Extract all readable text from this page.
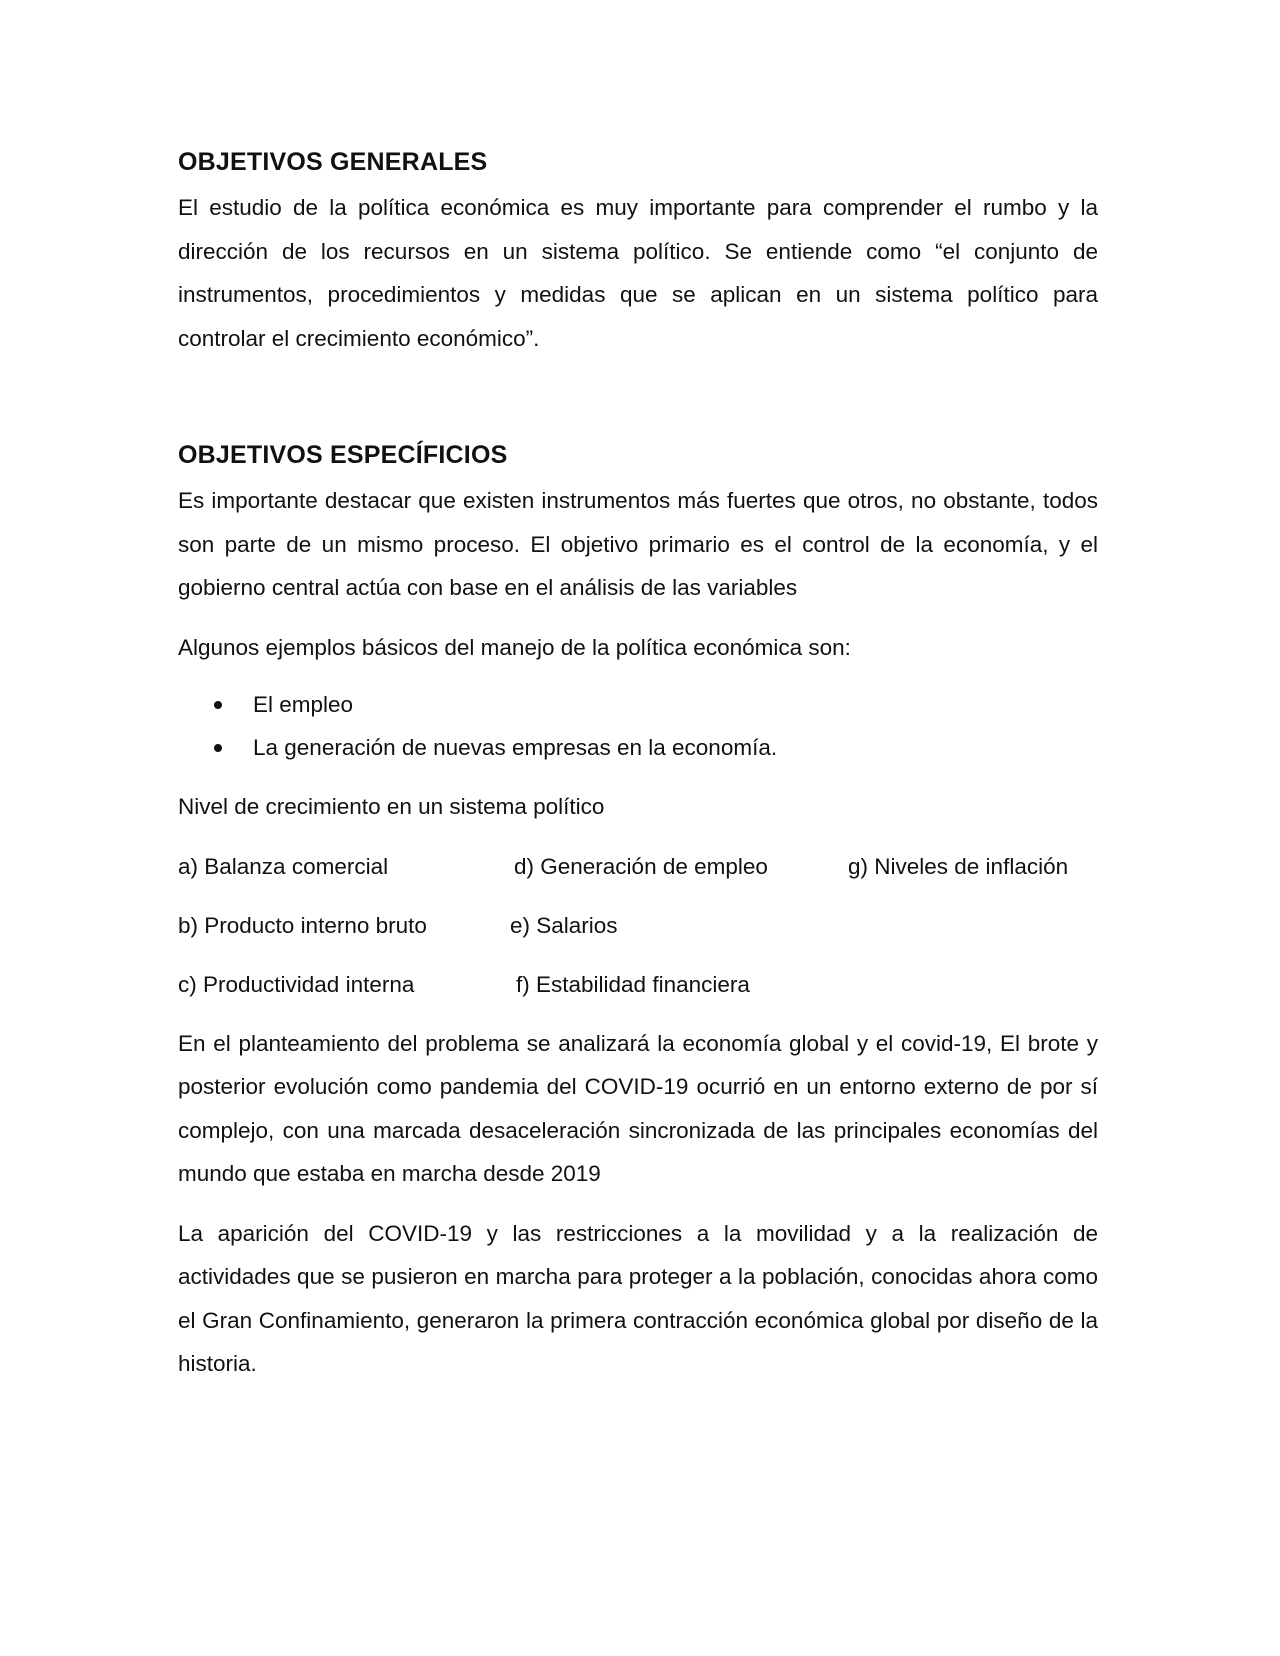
OBJETIVOS GENERALES

El estudio de la política económica es muy importante para comprender el rumbo y la dirección de los recursos en un sistema político. Se entiende como “el conjunto de instrumentos, procedimientos y medidas que se aplican en un sistema político para controlar el crecimiento económico”.

OBJETIVOS ESPECÍFICIOS

Es importante destacar que existen instrumentos más fuertes que otros, no obstante, todos son parte de un mismo proceso. El objetivo primario es el control de la economía, y el gobierno central actúa con base en el análisis de las variables

Algunos ejemplos básicos del manejo de la política económica son:

El empleo
La generación de nuevas empresas en la economía.

Nivel de crecimiento en un sistema político

a) Balanza comercial	d) Generación de empleo	g) Niveles de inflación
b) Producto interno bruto	e) Salarios
c) Productividad interna	f) Estabilidad financiera

En el planteamiento del problema se analizará la economía global y el covid-19, El brote y posterior evolución como pandemia del COVID-19 ocurrió en un entorno externo de por sí complejo, con una marcada desaceleración sincronizada de las principales economías del mundo que estaba en marcha desde 2019

La aparición del COVID-19 y las restricciones a la movilidad y a la realización de actividades que se pusieron en marcha para proteger a la población, conocidas ahora como el Gran Confinamiento, generaron la primera contracción económica global por diseño de la historia.
